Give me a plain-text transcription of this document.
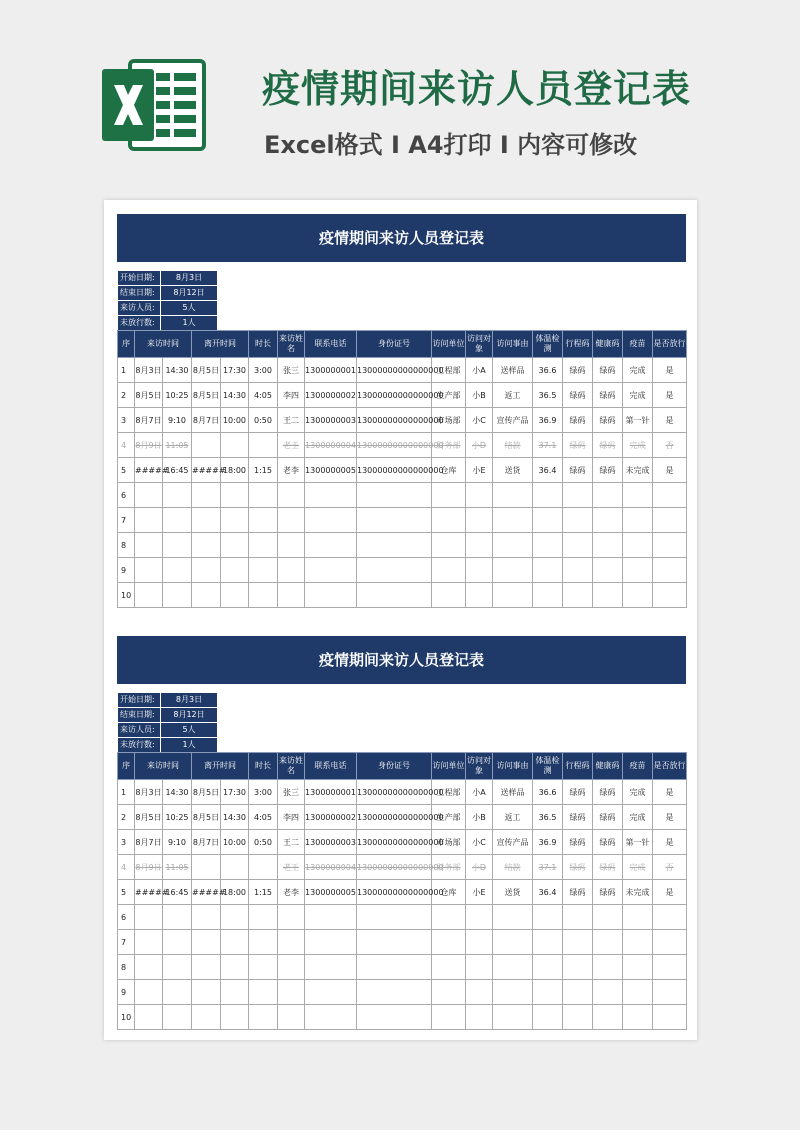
疫情期间来访人员登记表
Excel格式 I A4打印 I 内容可修改
疫情期间来访人员登记表
开始日期:	8月3日
结束日期:	8月12日
来访人员:	5人
未放行数:	1人
序	来访时间		离开时间		时长	来访姓名	联系电话	身份证号	访问单位	访问对象	访问事由	体温检测	行程码	健康码	疫苗	是否放行
1	8月3日	14:30	8月5日	17:30	3:00	张三	1300000001	13000000000000000	工程部	小A	送样品	36.6	绿码	绿码	完成	是
2	8月5日	10:25	8月5日	14:30	4:05	李四	1300000002	13000000000000000	生产部	小B	返工	36.5	绿码	绿码	完成	是
3	8月7日	9:10	8月7日	10:00	0:50	王二	1300000003	13000000000000000	市场部	小C	宣传产品	36.9	绿码	绿码	第一针	是
4	8月9日	11:05				老王	1300000004	13000000000000000	财务部	小D	结款	37.1	绿码	绿码	完成	否
5	#####	16:45	#####	18:00	1:15	老李	1300000005	13000000000000000	仓库	小E	送货	36.4	绿码	绿码	未完成	是
6																
7																
8																
9																
10																
疫情期间来访人员登记表
开始日期:	8月3日
结束日期:	8月12日
来访人员:	5人
未放行数:	1人
序	来访时间		离开时间		时长	来访姓名	联系电话	身份证号	访问单位	访问对象	访问事由	体温检测	行程码	健康码	疫苗	是否放行
1	8月3日	14:30	8月5日	17:30	3:00	张三	1300000001	13000000000000000	工程部	小A	送样品	36.6	绿码	绿码	完成	是
2	8月5日	10:25	8月5日	14:30	4:05	李四	1300000002	13000000000000000	生产部	小B	返工	36.5	绿码	绿码	完成	是
3	8月7日	9:10	8月7日	10:00	0:50	王二	1300000003	13000000000000000	市场部	小C	宣传产品	36.9	绿码	绿码	第一针	是
4	8月9日	11:05				老王	1300000004	13000000000000000	财务部	小D	结款	37.1	绿码	绿码	完成	否
5	#####	16:45	#####	18:00	1:15	老李	1300000005	13000000000000000	仓库	小E	送货	36.4	绿码	绿码	未完成	是
6																
7																
8																
9																
10																
